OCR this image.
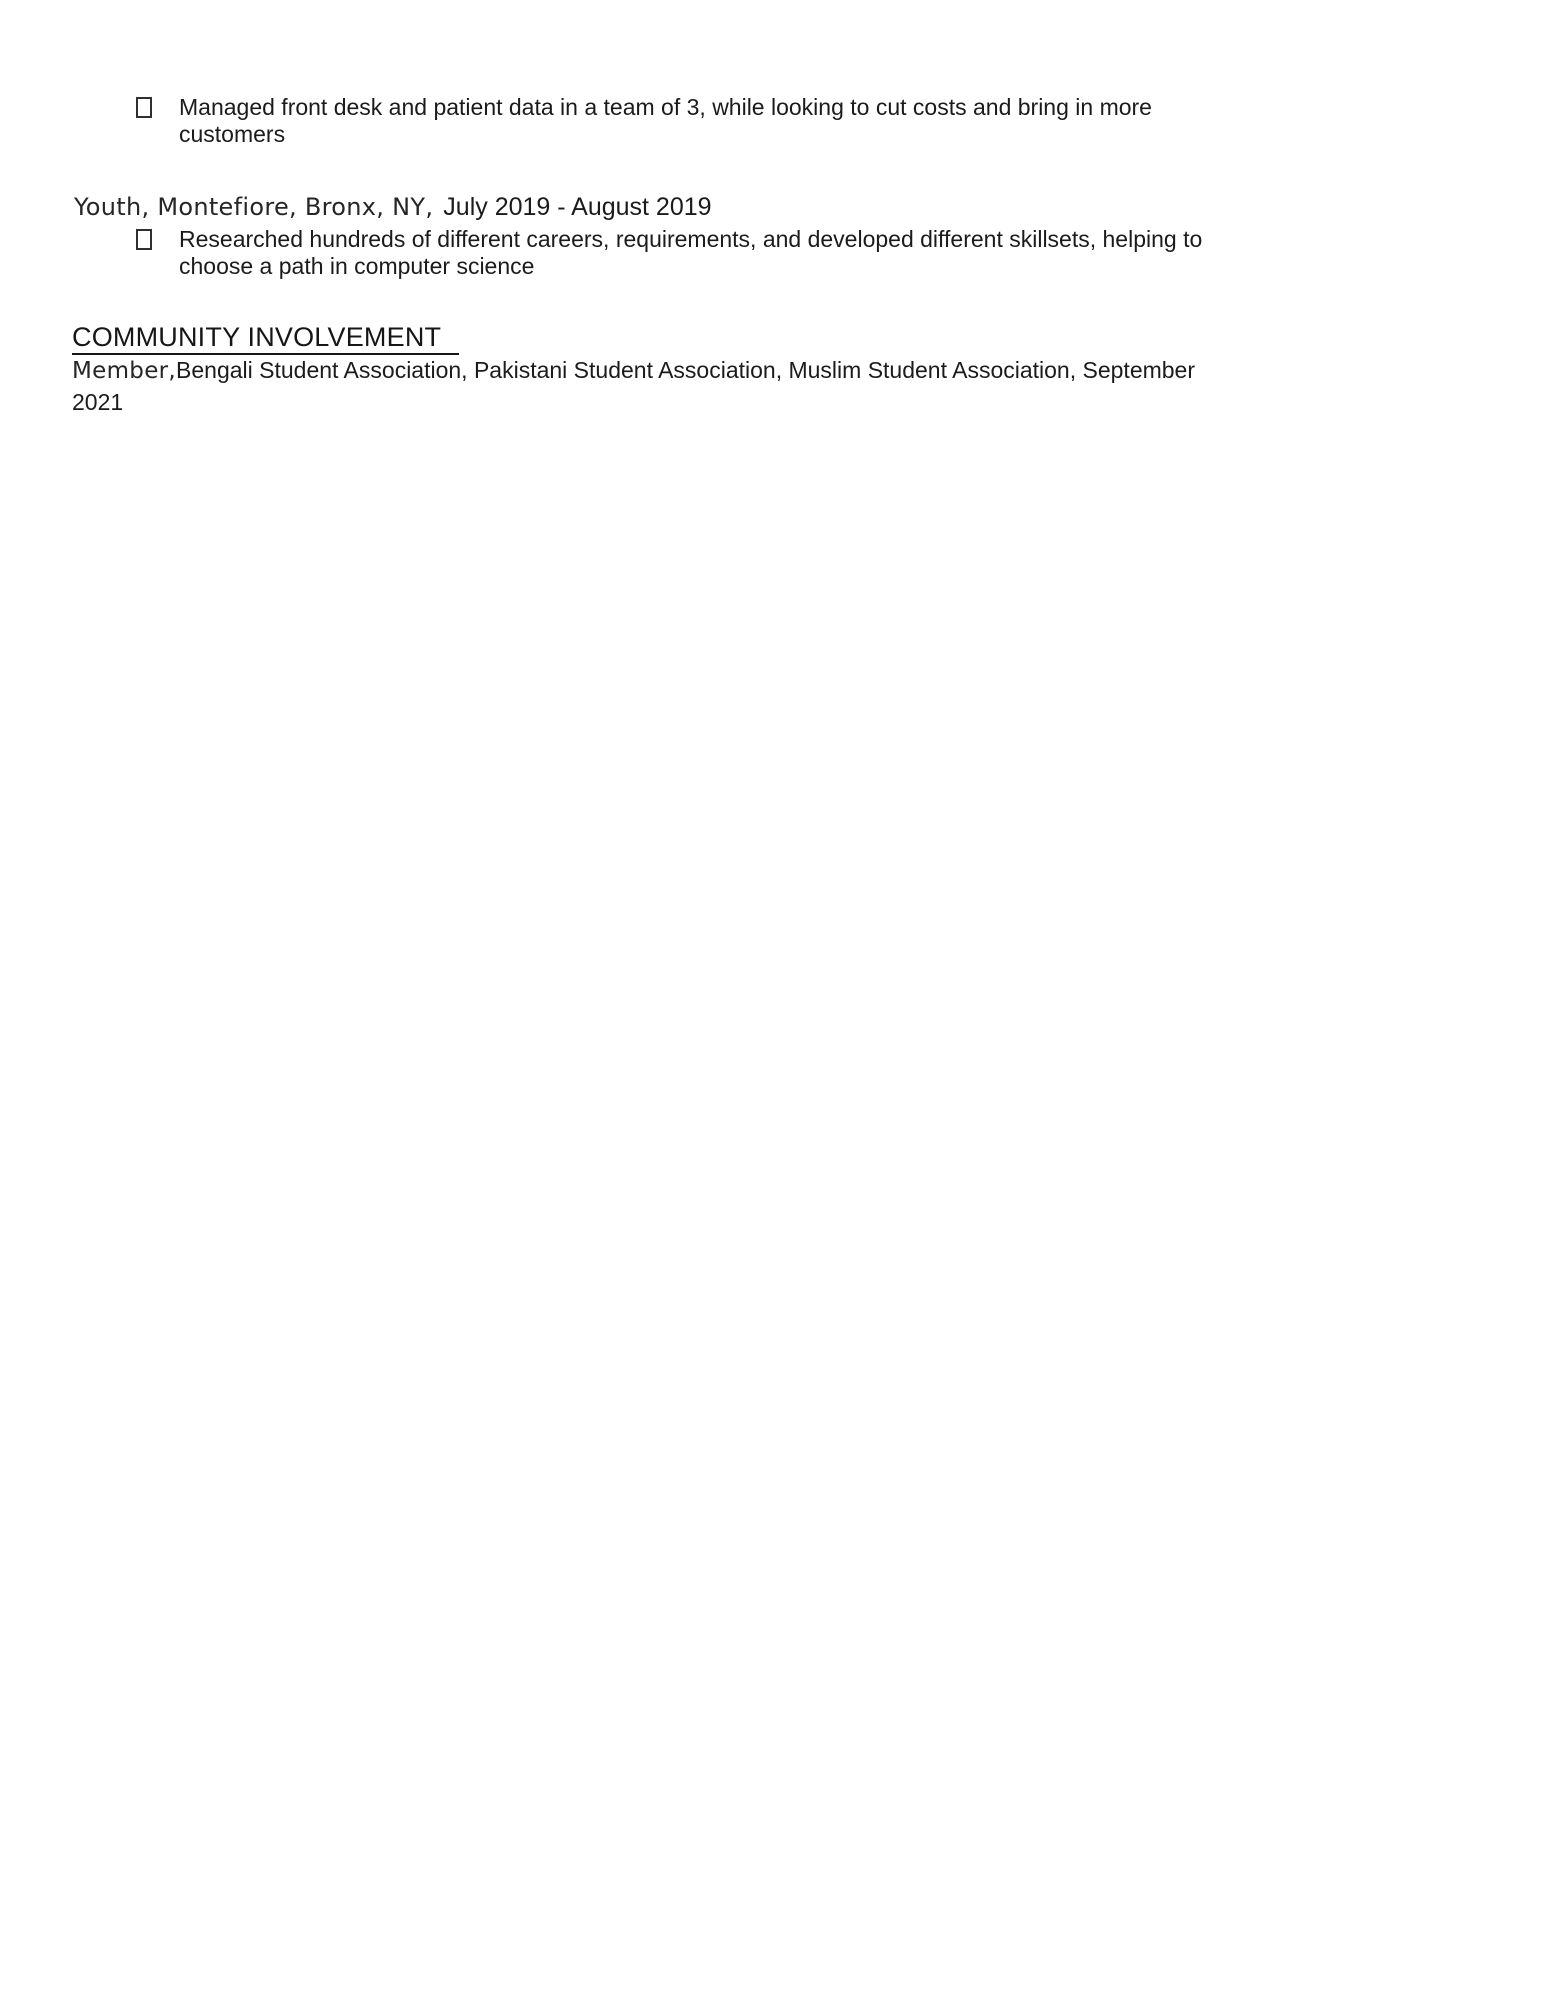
Managed front desk and patient data in a team of 3, while looking to cut costs and bring in more
customers
Youth, Montefiore, Bronx, NY, July 2019 - August 2019
Researched hundreds of different careers, requirements, and developed different skillsets, helping to
choose a path in computer science
COMMUNITY INVOLVEMENT
Member,Bengali Student Association, Pakistani Student Association, Muslim Student Association, September
2021
